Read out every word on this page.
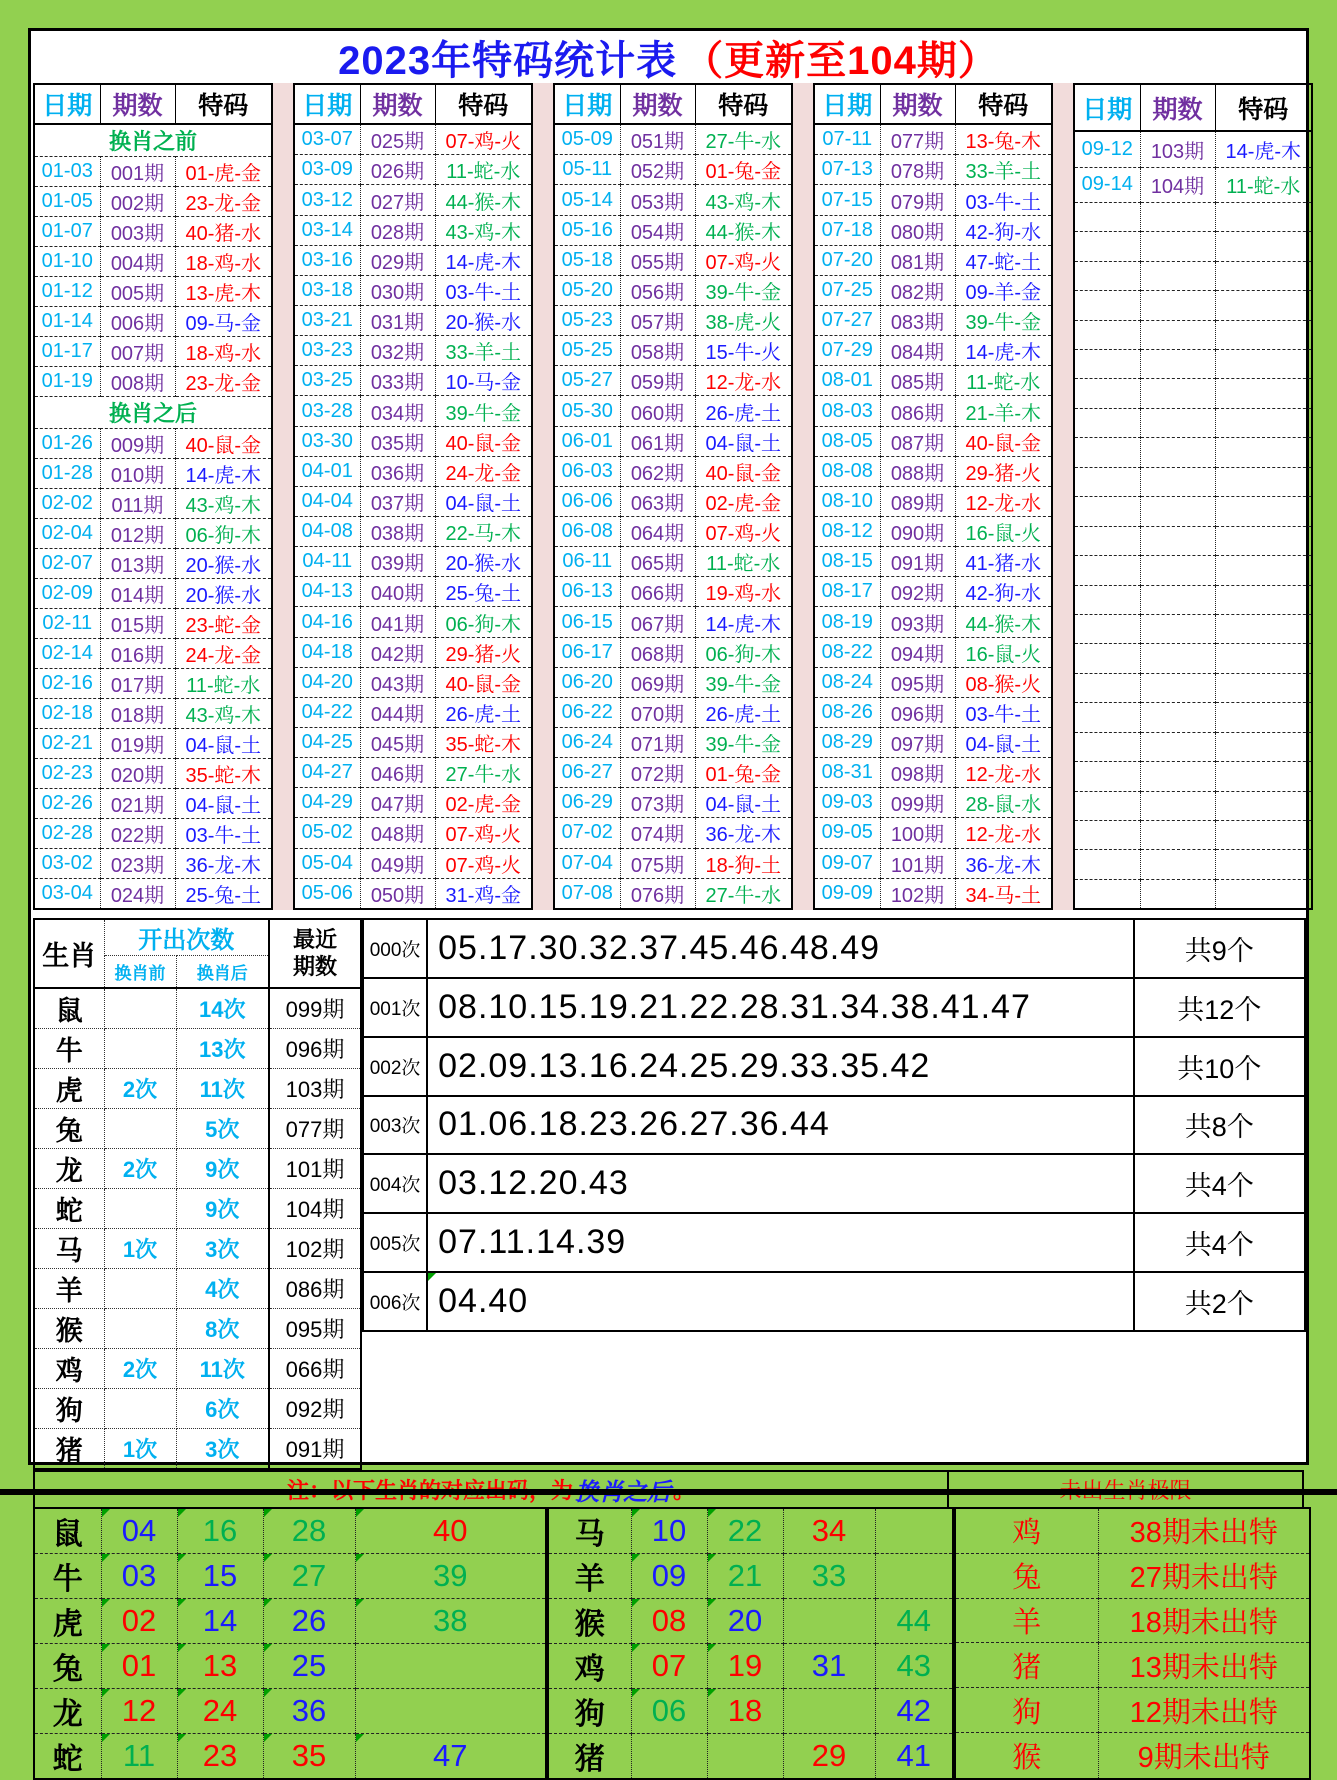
2023年特码统计表 （更新至104期）
日期	期数	特码
换肖之前		
01-03	001期	01-虎-金
01-05	002期	23-龙-金
01-07	003期	40-猪-水
01-10	004期	18-鸡-水
01-12	005期	13-虎-木
01-14	006期	09-马-金
01-17	007期	18-鸡-水
01-19	008期	23-龙-金
换肖之后		
01-26	009期	40-鼠-金
01-28	010期	14-虎-木
02-02	011期	43-鸡-木
02-04	012期	06-狗-木
02-07	013期	20-猴-水
02-09	014期	20-猴-水
02-11	015期	23-蛇-金
02-14	016期	24-龙-金
02-16	017期	11-蛇-水
02-18	018期	43-鸡-木
02-21	019期	04-鼠-土
02-23	020期	35-蛇-木
02-26	021期	04-鼠-土
02-28	022期	03-牛-土
03-02	023期	36-龙-木
03-04	024期	25-兔-土
日期	期数	特码
03-07	025期	07-鸡-火
03-09	026期	11-蛇-水
03-12	027期	44-猴-木
03-14	028期	43-鸡-木
03-16	029期	14-虎-木
03-18	030期	03-牛-土
03-21	031期	20-猴-水
03-23	032期	33-羊-土
03-25	033期	10-马-金
03-28	034期	39-牛-金
03-30	035期	40-鼠-金
04-01	036期	24-龙-金
04-04	037期	04-鼠-土
04-08	038期	22-马-木
04-11	039期	20-猴-水
04-13	040期	25-兔-土
04-16	041期	06-狗-木
04-18	042期	29-猪-火
04-20	043期	40-鼠-金
04-22	044期	26-虎-土
04-25	045期	35-蛇-木
04-27	046期	27-牛-水
04-29	047期	02-虎-金
05-02	048期	07-鸡-火
05-04	049期	07-鸡-火
05-06	050期	31-鸡-金
日期	期数	特码
05-09	051期	27-牛-水
05-11	052期	01-兔-金
05-14	053期	43-鸡-木
05-16	054期	44-猴-木
05-18	055期	07-鸡-火
05-20	056期	39-牛-金
05-23	057期	38-虎-火
05-25	058期	15-牛-火
05-27	059期	12-龙-水
05-30	060期	26-虎-土
06-01	061期	04-鼠-土
06-03	062期	40-鼠-金
06-06	063期	02-虎-金
06-08	064期	07-鸡-火
06-11	065期	11-蛇-水
06-13	066期	19-鸡-水
06-15	067期	14-虎-木
06-17	068期	06-狗-木
06-20	069期	39-牛-金
06-22	070期	26-虎-土
06-24	071期	39-牛-金
06-27	072期	01-兔-金
06-29	073期	04-鼠-土
07-02	074期	36-龙-木
07-04	075期	18-狗-土
07-08	076期	27-牛-水
日期	期数	特码
07-11	077期	13-兔-木
07-13	078期	33-羊-土
07-15	079期	03-牛-土
07-18	080期	42-狗-水
07-20	081期	47-蛇-土
07-25	082期	09-羊-金
07-27	083期	39-牛-金
07-29	084期	14-虎-木
08-01	085期	11-蛇-水
08-03	086期	21-羊-木
08-05	087期	40-鼠-金
08-08	088期	29-猪-火
08-10	089期	12-龙-水
08-12	090期	16-鼠-火
08-15	091期	41-猪-水
08-17	092期	42-狗-水
08-19	093期	44-猴-木
08-22	094期	16-鼠-火
08-24	095期	08-猴-火
08-26	096期	03-牛-土
08-29	097期	04-鼠-土
08-31	098期	12-龙-水
09-03	099期	28-鼠-水
09-05	100期	12-龙-水
09-07	101期	36-龙-木
09-09	102期	34-马-土
日期	期数	特码
09-12	103期	14-虎-木
09-14	104期	11-蛇-水

生肖	开出次数		最近
期数

	换肖前	换肖后	
鼠		14次	099期
牛		13次	096期
虎	2次	11次	103期
兔		5次	077期
龙	2次	9次	101期
蛇		9次	104期
马	1次	3次	102期
羊		4次	086期
猴		8次	095期
鸡	2次	11次	066期
狗		6次	092期
猪	1次	3次	091期
000次	05.17.30.32.37.45.46.48.49	共9个
001次	08.10.15.19.21.22.28.31.34.38.41.47	共12个
002次	02.09.13.16.24.25.29.33.35.42	共10个
003次	01.06.18.23.26.27.36.44	共8个
004次	03.12.20.43	共4个
005次	07.11.14.39	共4个
006次	04.40	共2个
鼠	04	16	28	40
牛	03	15	27	39
虎	02	14	26	38
兔	01	13	25	
龙	12	24	36	
蛇	11	23	35	47
马	10	22	34	
羊	09	21	33	
猴	08	20		44
鸡	07	19	31	43
狗	06	18		42
猪			29	41
鸡	38期未出特
兔	27期未出特
羊	18期未出特
猪	13期未出特
狗	12期未出特
猴	9期未出特
